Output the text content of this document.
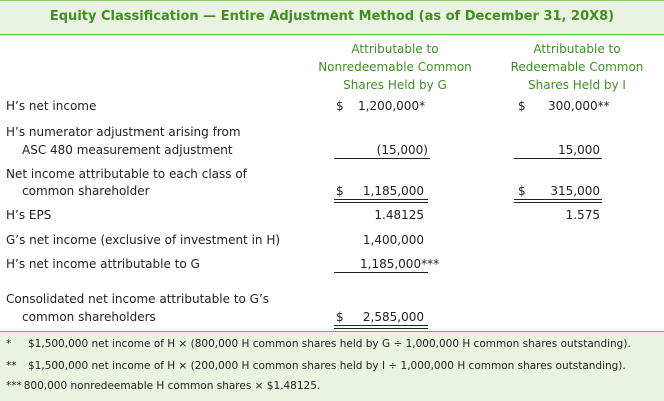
Equity Classification — Entire Adjustment Method (as of December 31, 20X8)
Attributable to
Nonredeemable Common
Shares Held by G
Attributable to
Redeemable Common
Shares Held by I
H’s net income	$ 1,200,000*	$ 300,000**
H’s numerator adjustment arising from
ASC 480 measurement adjustment	(15,000)	15,000
Net income attributable to each class of
common shareholder	$	1,185,000	$	315,000
H’s EPS	1.48125	1.575
G’s net income (exclusive of investment in H)	1,400,000
H’s net income attributable to G	1,185,000***
Consolidated net income attributable to G’s
common shareholders	$	2,585,000
* $1,500,000 net income of H × (800,000 H common shares held by G ÷ 1,000,000 H common shares outstanding).
** $1,500,000 net income of H × (200,000 H common shares held by I ÷ 1,000,000 H common shares outstanding).
*** 800,000 nonredeemable H common shares × $1.48125.
